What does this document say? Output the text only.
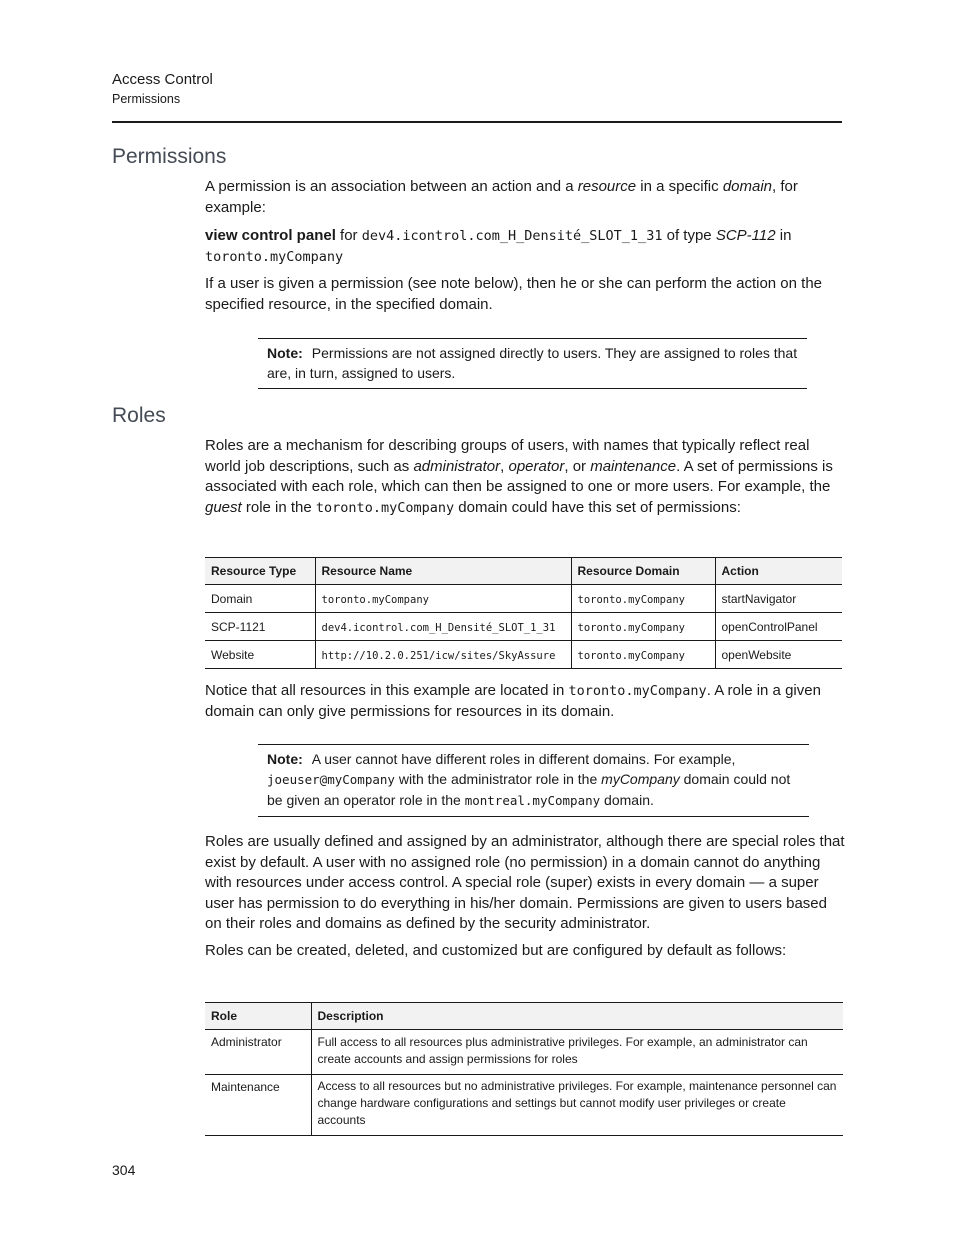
Access Control
Permissions
Permissions

A permission is an association between an action and a resource in a specific domain, for example:

view control panel for dev4.icontrol.com_H_Densité_SLOT_1_31 of type SCP-112 in
toronto.myCompany

If a user is given a permission (see note below), then he or she can perform the action on the specified resource, in the specified domain.

Note: Permissions are not assigned directly to users. They are assigned to roles that are, in turn, assigned to users.
Roles

Roles are a mechanism for describing groups of users, with names that typically reflect real world job descriptions, such as administrator, operator, or maintenance. A set of permissions is associated with each role, which can then be assigned to one or more users. For example, the guest role in the toronto.myCompany domain could have this set of permissions:

Resource Type	Resource Name	Resource Domain	Action
Domain	toronto.myCompany	toronto.myCompany	startNavigator
SCP-1121	dev4.icontrol.com_H_Densité_SLOT_1_31	toronto.myCompany	openControlPanel
Website	http://10.2.0.251/icw/sites/SkyAssure	toronto.myCompany	openWebsite

Notice that all resources in this example are located in toronto.myCompany. A role in a given domain can only give permissions for resources in its domain.

Note: A user cannot have different roles in different domains. For example, joeuser@myCompany with the administrator role in the myCompany domain could not be given an operator role in the montreal.myCompany domain.

Roles are usually defined and assigned by an administrator, although there are special roles that exist by default. A user with no assigned role (no permission) in a domain cannot do anything with resources under access control. A special role (super) exists in every domain — a super user has permission to do everything in his/her domain. Permissions are given to users based on their roles and domains as defined by the security administrator.

Roles can be created, deleted, and customized but are configured by default as follows:

Role	Description
Administrator	Full access to all resources plus administrative privileges. For example, an administrator can create accounts and assign permissions for roles
Maintenance	Access to all resources but no administrative privileges. For example, maintenance personnel can change hardware configurations and settings but cannot modify user privileges or create accounts
304
